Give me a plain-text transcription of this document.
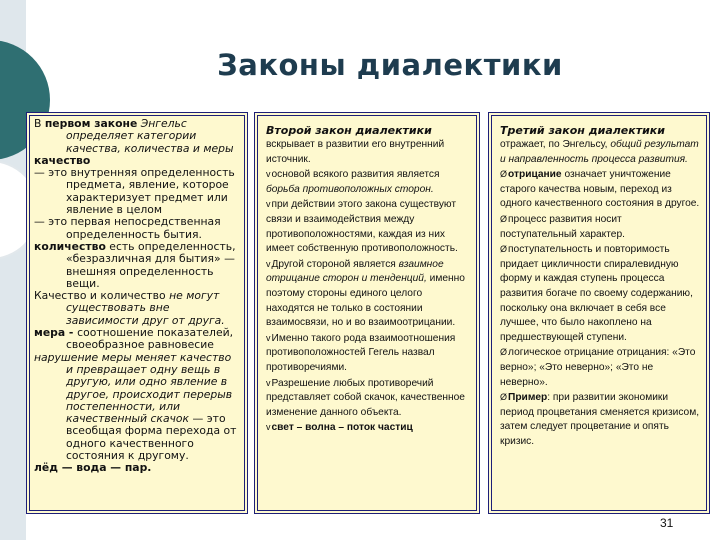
Законы диалектики
В первом законе Энгельс определяет категории качества, количества и меры
качество
— это внутренняя определенность предмета, явление, которое характеризует предмет или явление в целом
— это первая непосредственная определенность бытия.
количество есть определенность, «безразличная для бытия» — внешняя определенность вещи.
Качество и количество не могут существовать вне зависимости друг от друга.
мера - соотношение показателей, своеобразное равновесие
нарушение меры меняет качество и превращает одну вещь в другую, или одно явление в другое, происходит перерыв постепенности, или качественный скачок — это всеобщая форма перехода от одного качественного состояния к другому.
лёд — вода — пар.
Второй закон диалектики
вскрывает в развитии его внутренний источник.
vосновой всякого развития является борьба противоположных сторон.
vпри действии этого закона существуют связи и взаимодействия между противоположностями, каждая из них имеет собственную противоположность.
vДругой стороной является взаимное отрицание сторон и тенденций, именно поэтому стороны единого целого находятся не только в состоянии взаимосвязи, но и во взаимоотрицании.
vИменно такого рода взаимоотношения противоположностей Гегель назвал противоречиями.
vРазрешение любых противоречий представляет собой скачок, качественное изменение данного объекта.
vсвет – волна – поток частиц
Третий закон диалектики
отражает, по Энгельсу, общий результат и направленность процесса развития.
Øотрицание означает уничтожение старого качества новым, переход из одного качественного состояния в другое.
Øпроцесс развития носит поступательный характер.
Øпоступательность и повторимость придает цикличности спиралевидную форму и каждая ступень процесса развития богаче по своему содержанию, поскольку она включает в себя все лучшее, что было накоплено на предшествующей ступени.
Øлогическое отрицание отрицания: «Это верно»; «Это неверно»; «Это не неверно».
ØПример: при развитии экономики период процветания сменяется кризисом, затем следует процветание и опять кризис.
31
